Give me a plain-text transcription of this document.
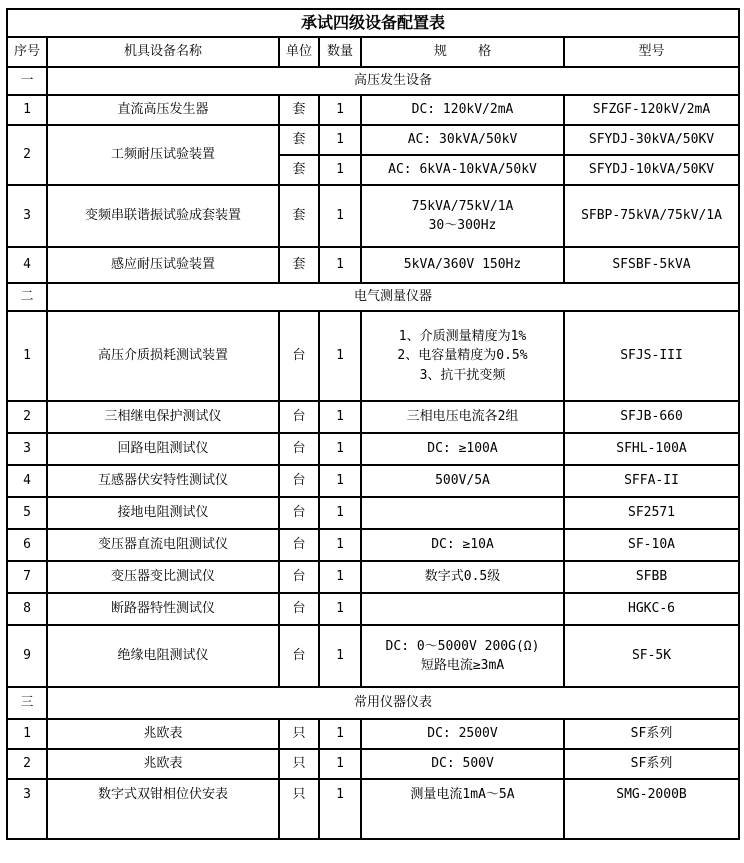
承试四级设备配置表					
序号	机具设备名称	单位	数量	规    格	型号
一	高压发生设备				
1	直流高压发生器	套	1	DC: 120kV/2mA	SFZGF-120kV/2mA
2	工频耐压试验装置	套	1	AC: 30kVA/50kV	SFYDJ-30kVA/50KV
		套	1	AC: 6kVA-10kVA/50kV	SFYDJ-10kVA/50KV
3	变频串联谐振试验成套装置	套	1	75kVA/75kV/1A
30～300Hz	SFBP-75kVA/75kV/1A
4	感应耐压试验装置	套	1	5kVA/360V 150Hz	SFSBF-5kVA
二	电气测量仪器				
1	高压介质损耗测试装置	台	1	1、介质测量精度为1%
2、电容量精度为0.5%
3、抗干扰变频	SFJS-III
2	三相继电保护测试仪	台	1	三相电压电流各2组	SFJB-660
3	回路电阻测试仪	台	1	DC: ≥100A	SFHL-100A
4	互感器伏安特性测试仪	台	1	500V/5A	SFFA-II
5	接地电阻测试仪	台	1		SF2571
6	变压器直流电阻测试仪	台	1	DC: ≥10A	SF-10A
7	变压器变比测试仪	台	1	数字式0.5级	SFBB
8	断路器特性测试仪	台	1		HGKC-6
9	绝缘电阻测试仪	台	1	DC: 0～5000V 200G(Ω)
短路电流≥3mA	SF-5K
三	常用仪器仪表				
1	兆欧表	只	1	DC: 2500V	SF系列
2	兆欧表	只	1	DC: 500V	SF系列
3	数字式双钳相位伏安表	只	1	测量电流1mA～5A	SMG-2000B
